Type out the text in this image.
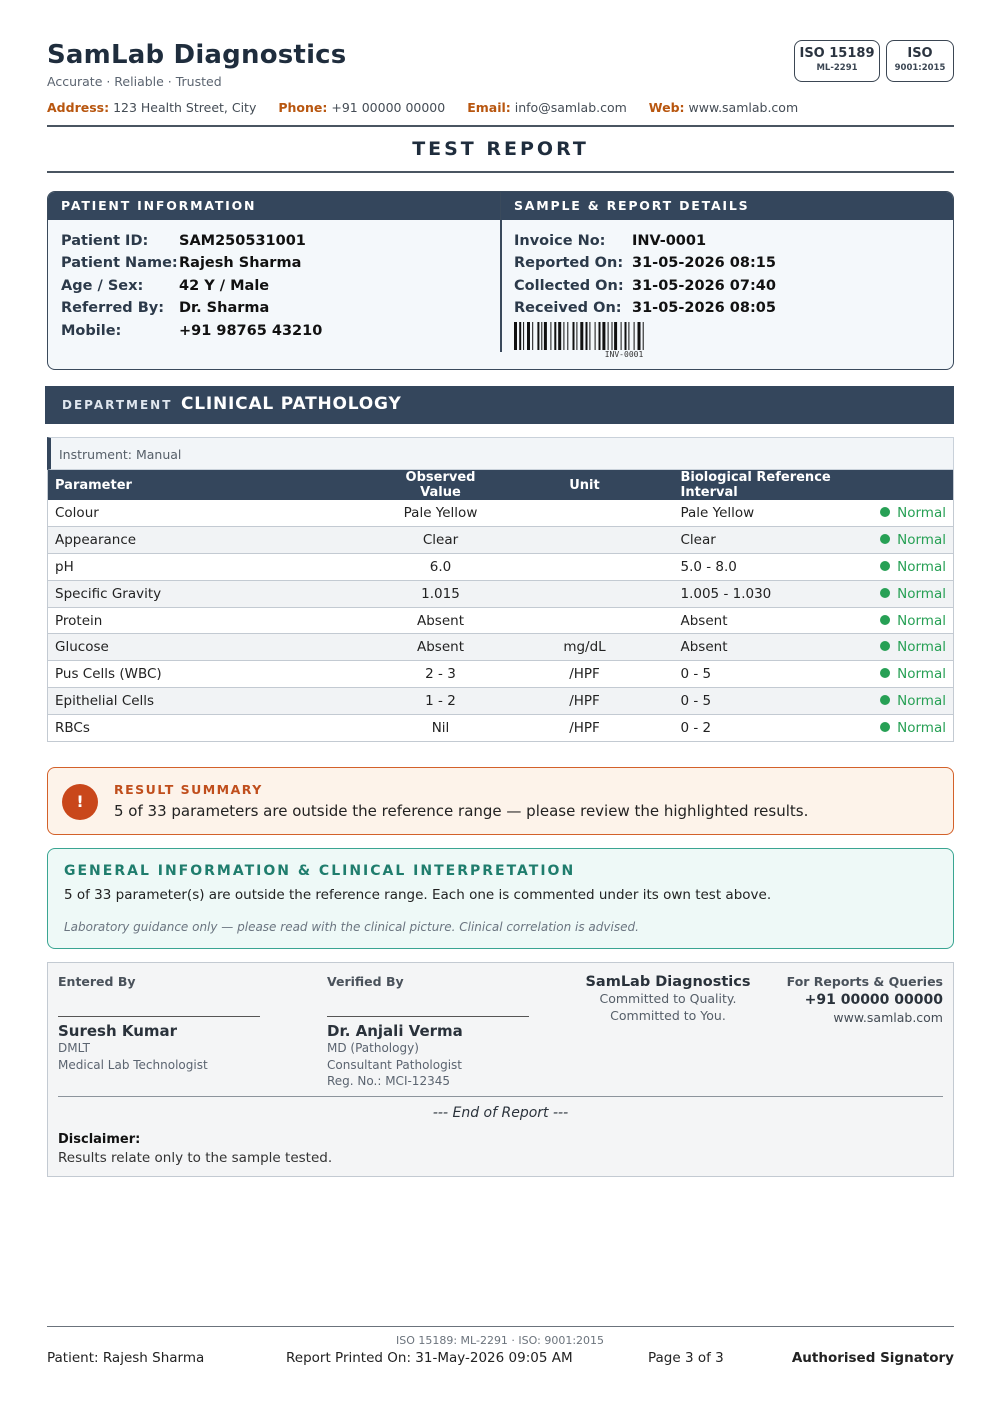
SamLab Diagnostics
Accurate · Reliable · Trusted
Address: 123 Health Street, City Phone: +91 00000 00000 Email: info@samlab.com Web: www.samlab.com
ISO 15189
ML-2291
ISO
9001:2015
TEST REPORT
PATIENT INFORMATION
Patient ID:	SAM250531001
Patient Name: Rajesh Sharma
Age / Sex:	42 Y / Male
Referred By:	Dr. Sharma
Mobile:	+91 98765 43210
SAMPLE & REPORT DETAILS
Invoice No:	INV-0001
Reported On: 31-05-2026 08:15
Collected On: 31-05-2026 07:40
Received On: 31-05-2026 08:05
INV-0001
DEPARTMENT CLINICAL PATHOLOGY
Instrument: Manual
Parameter	Observed Value	Unit	Biological Reference Interval	
Colour	Pale Yellow		Pale Yellow	Normal
Appearance	Clear		Clear	Normal
pH	6.0		5.0 - 8.0	Normal
Specific Gravity	1.015		1.005 - 1.030	Normal
Protein	Absent		Absent	Normal
Glucose	Absent	mg/dL	Absent	Normal
Pus Cells (WBC)	2 - 3	/HPF	0 - 5	Normal
Epithelial Cells	1 - 2	/HPF	0 - 5	Normal
RBCs	Nil	/HPF	0 - 2	Normal
!
RESULT SUMMARY
5 of 33 parameters are outside the reference range — please review the highlighted results.
GENERAL INFORMATION & CLINICAL INTERPRETATION
5 of 33 parameter(s) are outside the reference range. Each one is commented under its own test above.
Laboratory guidance only — please read with the clinical picture. Clinical correlation is advised.
Entered By
Suresh Kumar
DMLT
Medical Lab Technologist
Verified By
Dr. Anjali Verma
MD (Pathology)
Consultant Pathologist
Reg. No.: MCI-12345
SamLab Diagnostics
Committed to Quality.
Committed to You.
For Reports & Queries
+91 00000 00000
www.samlab.com
--- End of Report ---
Disclaimer:
Results relate only to the sample tested.
ISO 15189: ML-2291 · ISO: 9001:2015
Patient: Rajesh Sharma	Report Printed On: 31-May-2026 09:05 AM	Page 3 of 3	Authorised Signatory
